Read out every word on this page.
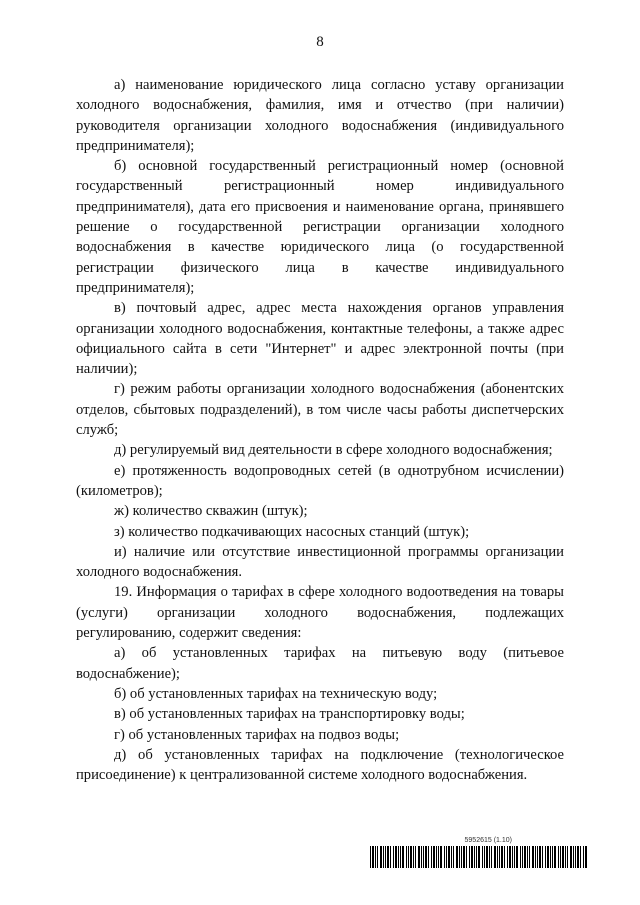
8

а) наименование юридического лица согласно уставу организации холодного водоснабжения, фамилия, имя и отчество (при наличии) руководителя организации холодного водоснабжения (индивидуального предпринимателя);

б) основной государственный регистрационный номер (основной государственный регистрационный номер индивидуального предпринимателя), дата его присвоения и наименование органа, принявшего решение о государственной регистрации организации холодного водоснабжения в качестве юридического лица (о государственной регистрации физического лица в качестве индивидуального предпринимателя);

в) почтовый адрес, адрес места нахождения органов управления организации холодного водоснабжения, контактные телефоны, а также адрес официального сайта в сети "Интернет" и адрес электронной почты (при наличии);

г) режим работы организации холодного водоснабжения (абонентских отделов, сбытовых подразделений), в том числе часы работы диспетчерских служб;

д) регулируемый вид деятельности в сфере холодного водоснабжения;

е) протяженность водопроводных сетей (в однотрубном исчислении) (километров);

ж) количество скважин (штук);

з) количество подкачивающих насосных станций (штук);

и) наличие или отсутствие инвестиционной программы организации холодного водоснабжения.

19. Информация о тарифах в сфере холодного водоотведения на товары (услуги) организации холодного водоснабжения, подлежащих регулированию, содержит сведения:

а) об установленных тарифах на питьевую воду (питьевое водоснабжение);

б) об установленных тарифах на техническую воду;

в) об установленных тарифах на транспортировку воды;

г) об установленных тарифах на подвоз воды;

д) об установленных тарифах на подключение (технологическое присоединение) к централизованной системе холодного водоснабжения.

5952615 (1.10)
